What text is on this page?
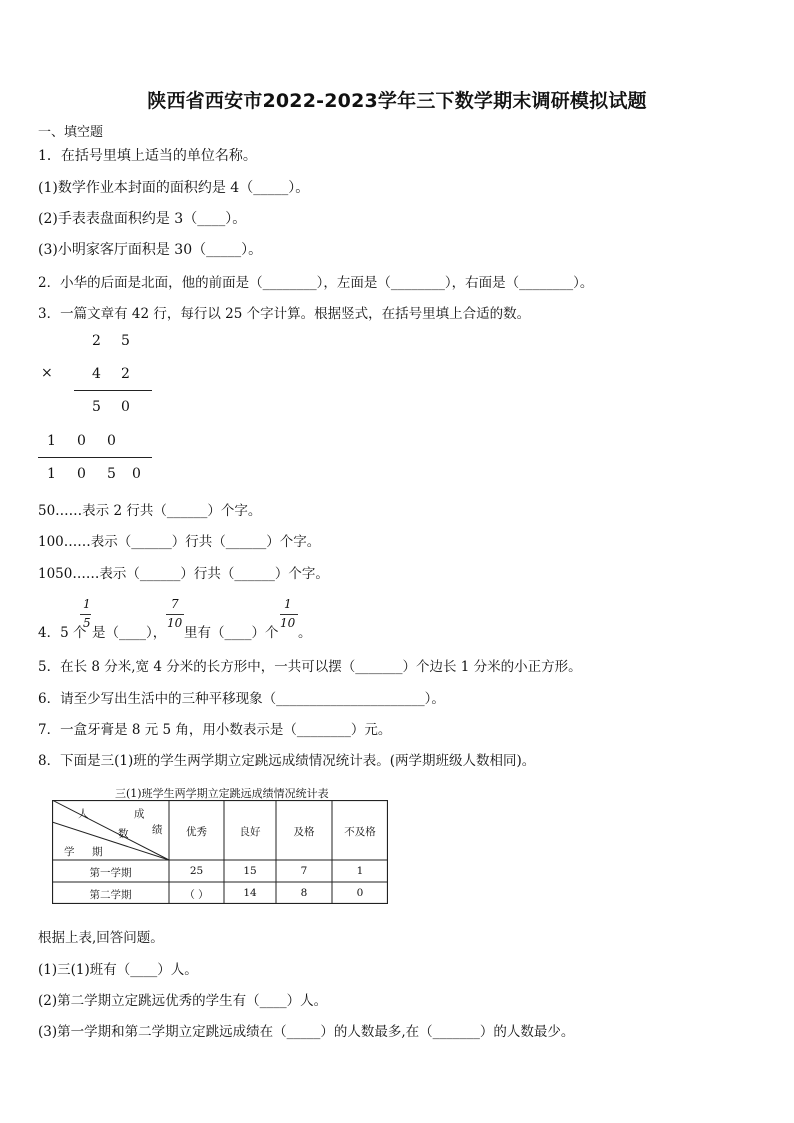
陕西省西安市2022-2023学年三下数学期末调研模拟试题
一、填空题
1．在括号里填上适当的单位名称。
(1)数学作业本封面的面积约是 4（_____）。
(2)手表表盘面积约是 3（____）。
(3)小明家客厅面积是 30（_____）。
2．小华的后面是北面，他的前面是（________），左面是（________），右面是（________）。
3．一篇文章有 42 行，每行以 25 个字计算。根据竖式，在括号里填上合适的数。
2 5
×	4 2
5 0
1 0 0
1 0 5 0
50……表示 2 行共（______）个字。
100……表示（______）行共（______）个字。
1050……表示（______）行共（______）个字。
4．5 个
1
5
是（____），
7
10
里有（____）个
1
10
。
5．在长 8 分米,宽 4 分米的长方形中，一共可以摆（_______）个边长 1 分米的小正方形。
6．请至少写出生活中的三种平移现象（______________________）。
7．一盒牙膏是 8 元 5 角，用小数表示是（________）元。
8．下面是三(1)班的学生两学期立定跳远成绩情况统计表。(两学期班级人数相同)。
三(1)班学生两学期立定跳远成绩情况统计表
人	成
数 绩
学 期
优秀	良好	及格	不及格
第一学期	25	15	7	1
第二学期	（ ）	14	8	0
根据上表,回答问题。
(1)三(1)班有（____）人。
(2)第二学期立定跳远优秀的学生有（____）人。
(3)第一学期和第二学期立定跳远成绩在（_____）的人数最多,在（_______）的人数最少。
